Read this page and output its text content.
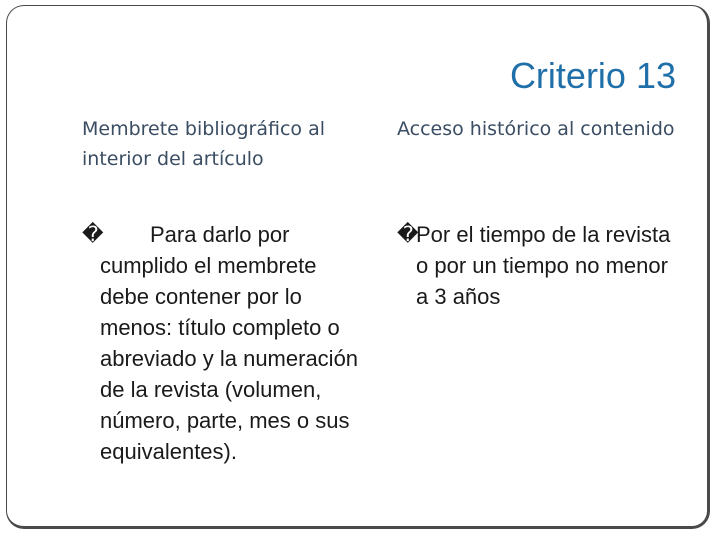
Criterio 13

Membrete bibliográfico al interior del artículo

Acceso histórico al contenido

�	Para darlo por cumplido el membrete debe contener por lo menos: título completo o abreviado y la numeración de la revista (volumen, número, parte, mes o sus equivalentes).

�

Por el tiempo de la revista o por un tiempo no menor a 3 años
